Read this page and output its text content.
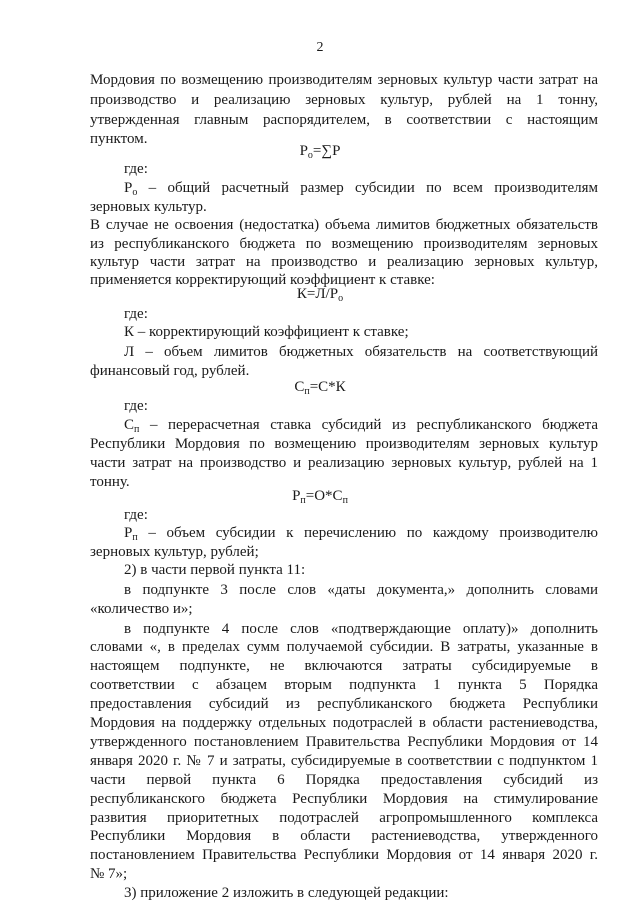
2
Мордовия по возмещению производителям зерновых культур части затрат на
производство и реализацию зерновых культур, рублей на 1 тонну,
утвержденная главным распорядителем, в соответствии с настоящим
пунктом.
$P_o=\sum P$
где:
$P_o$ – общий расчетный размер субсидии по всем производителям
зерновых культур.
В случае не освоения (недостатка) объема лимитов бюджетных обязательств
из республиканского бюджета по возмещению производителям зерновых
культур части затрат на производство и реализацию зерновых культур,
применяется корректирующий коэффициент к ставке:
$К=Л/P_o$
где:
К – корректирующий коэффициент к ставке;
Л – объем лимитов бюджетных обязательств на соответствующий
финансовый год, рублей.
$C_п=C*К$
где:
$C_п$ – перерасчетная ставка субсидий из республиканского бюджета
Республики Мордовия по возмещению производителям зерновых культур
части затрат на производство и реализацию зерновых культур, рублей на 1
тонну.
$P_п=O*C_п$
где:
$P_п$ – объем субсидии к перечислению по каждому производителю
зерновых культур, рублей;
2) в части первой пункта 11:
в подпункте 3 после слов «даты документа,» дополнить словами
«количество и»;
в подпункте 4 после слов «подтверждающие оплату)» дополнить
словами «, в пределах сумм получаемой субсидии. В затраты, указанные в
настоящем подпункте, не включаются затраты субсидируемые в
соответствии с абзацем вторым подпункта 1 пункта 5 Порядка
предоставления субсидий из республиканского бюджета Республики
Мордовия на поддержку отдельных подотраслей в области растениеводства,
утвержденного постановлением Правительства Республики Мордовия от 14
января 2020 г. № 7 и затраты, субсидируемые в соответствии с подпунктом 1
части первой пункта 6 Порядка предоставления субсидий из
республиканского бюджета Республики Мордовия на стимулирование
развития приоритетных подотраслей агропромышленного комплекса
Республики Мордовия в области растениеводства, утвержденного
постановлением Правительства Республики Мордовия от 14 января 2020 г.
№ 7»;
3) приложение 2 изложить в следующей редакции:
